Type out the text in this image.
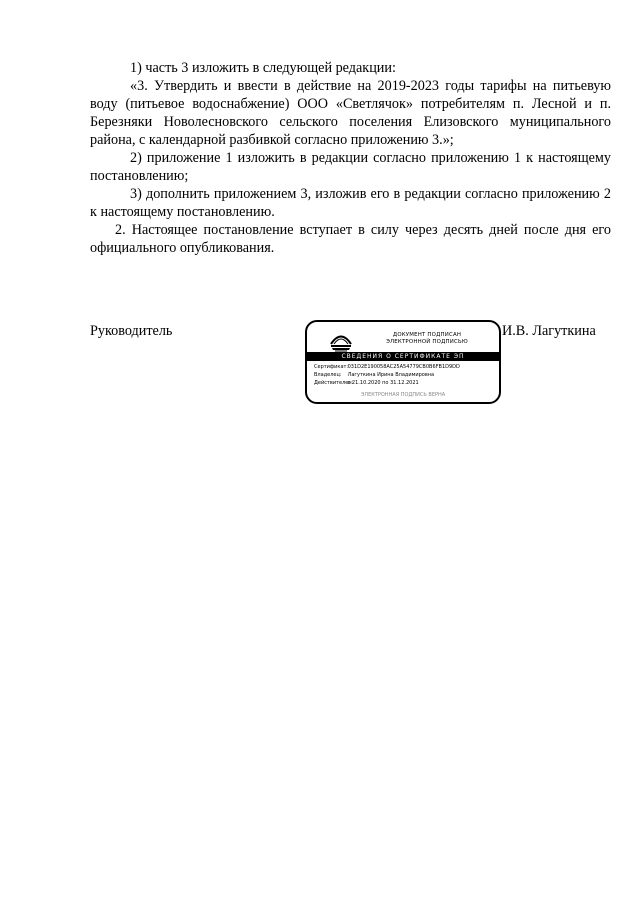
1) часть 3 изложить в следующей редакции:

«3. Утвердить и ввести в действие на 2019-2023 годы тарифы на питьевую воду (питьевое водоснабжение) ООО «Светлячок» потребителям п. Лесной и п. Березняки Новолесновского сельского поселения Елизовского муниципального района, с календарной разбивкой согласно приложению 3.»;

2) приложение 1 изложить в редакции согласно приложению 1 к настоящему постановлению;

3) дополнить приложением 3, изложив его в редакции согласно приложению 2 к настоящему постановлению.

2. Настоящее постановление вступает в силу через десять дней после дня его официального опубликования.

Руководитель	И.В. Лагуткина
ДОКУМЕНТ ПОДПИСАН
ЭЛЕКТРОННОЙ ПОДПИСЬЮ
СВЕДЕНИЯ О СЕРТИФИКАТЕ ЭП
Сертификат: 031D2E190058AC25A54779CB0B6FB1D9DD
Владелец: Лагуткина Ирина Владимировна
Действителен: с 21.10.2020 по 31.12.2021
ЭЛЕКТРОННАЯ ПОДПИСЬ ВЕРНА
